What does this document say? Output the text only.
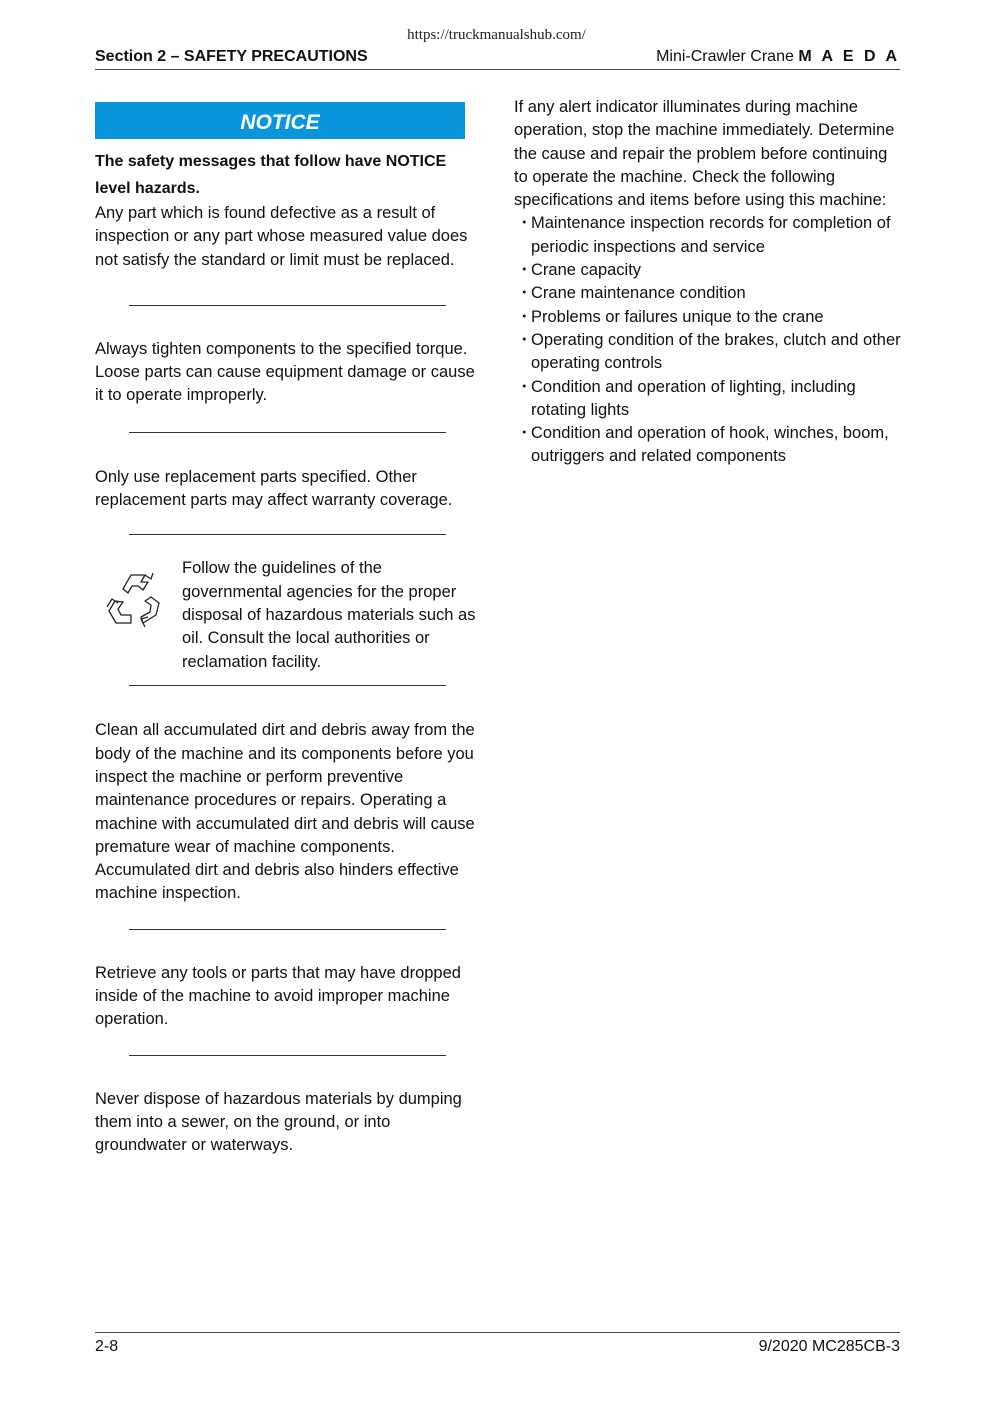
https://truckmanualshub.com/
Section 2 – SAFETY PRECAUTIONS	Mini-Crawler Crane M A E D A
NOTICE
The safety messages that follow have NOTICE level hazards.

Any part which is found defective as a result of inspection or any part whose measured value does not satisfy the standard or limit must be replaced.

Always tighten components to the specified torque. Loose parts can cause equipment damage or cause it to operate improperly.

Only use replacement parts specified. Other replacement parts may affect warranty coverage.

Follow the guidelines of the governmental agencies for the proper disposal of hazardous materials such as oil. Consult the local authorities or reclamation facility.

Clean all accumulated dirt and debris away from the body of the machine and its components before you inspect the machine or perform preventive maintenance procedures or repairs. Operating a machine with accumulated dirt and debris will cause premature wear of machine components. Accumulated dirt and debris also hinders effective machine inspection.

Retrieve any tools or parts that may have dropped inside of the machine to avoid improper machine operation.

Never dispose of hazardous materials by dumping them into a sewer, on the ground, or into groundwater or waterways.

If any alert indicator illuminates during machine operation, stop the machine immediately. Determine the cause and repair the problem before continuing to operate the machine. Check the following specifications and items before using this machine:

・
Maintenance inspection records for completion of periodic inspections and service
・
Crane capacity
・
Crane maintenance condition
・
Problems or failures unique to the crane
・
Operating condition of the brakes, clutch and other operating controls
・
Condition and operation of lighting, including rotating lights
・
Condition and operation of hook, winches, boom, outriggers and related components
2-8	9/2020 MC285CB-3
